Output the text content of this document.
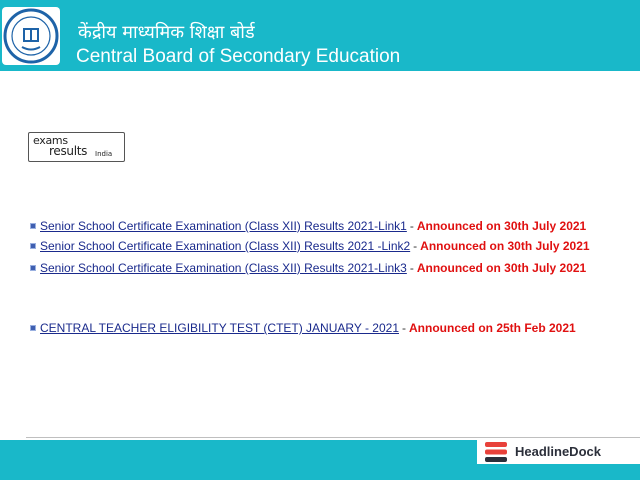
केंद्रीय माध्यमिक शिक्षा बोर्ड
Central Board of Secondary Education
exams
results India
Senior School Certificate Examination (Class XII) Results 2021-Link1 - Announced on 30th July 2021
Senior School Certificate Examination (Class XII) Results 2021 -Link2 - Announced on 30th July 2021
Senior School Certificate Examination (Class XII) Results 2021-Link3 - Announced on 30th July 2021
CENTRAL TEACHER ELIGIBILITY TEST (CTET) JANUARY - 2021 - Announced on 25th Feb 2021
HeadlineDock
